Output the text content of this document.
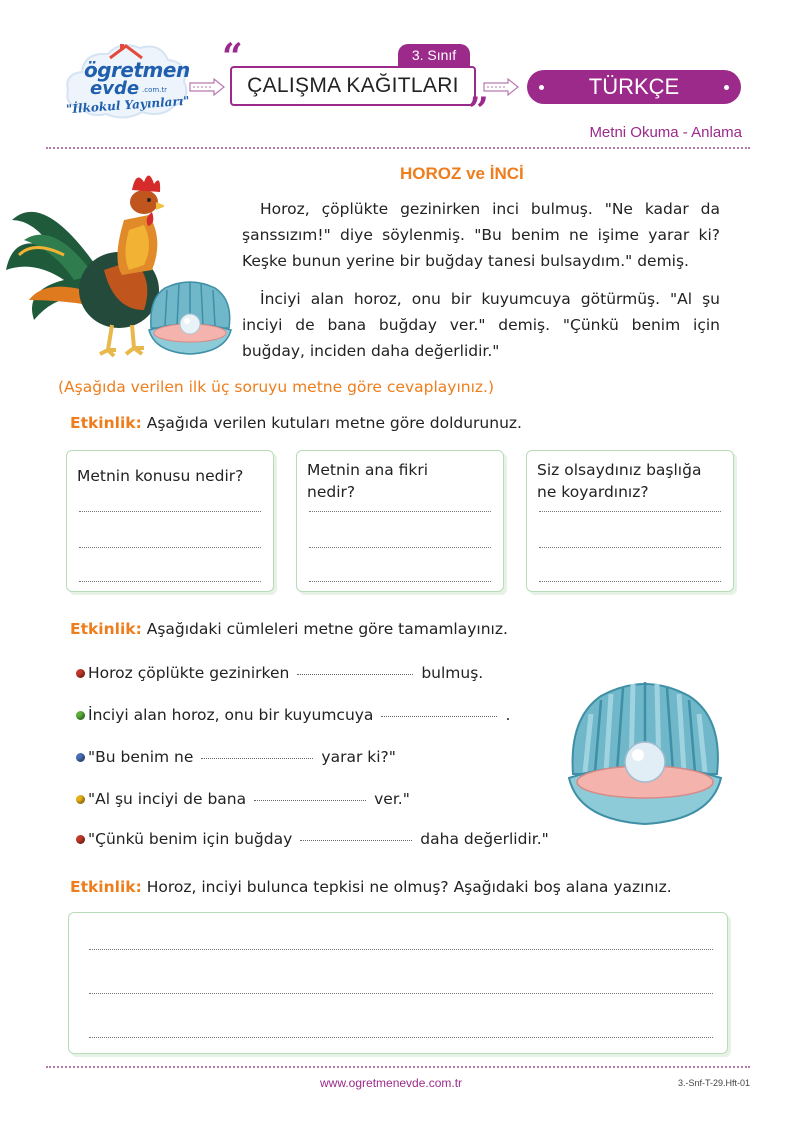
ögretmen
evde .com.tr
"İlkokul Yayınları"
“	3. Sınıf
ÇALIŞMA KAĞITLARI
”
TÜRKÇE
Metni Okuma - Anlama
HOROZ ve İNCİ

Horoz, çöplükte gezinirken inci bulmuş. "Ne kadar da şanssızım!" diye söylenmiş. "Bu benim ne işime yarar ki? Keşke bunun yerine bir buğday tanesi bulsaydım." demiş.

İnciyi alan horoz, onu bir kuyumcuya götürmüş. "Al şu inciyi de bana buğday ver." demiş. "Çünkü benim için buğday, inciden daha değerlidir."

(Aşağıda verilen ilk üç soruyu metne göre cevaplayınız.)
Etkinlik: Aşağıda verilen kutuları metne göre doldurunuz.
Metnin konusu nedir?	Metnin ana fikri nedir?
Siz olsaydınız başlığa ne koyardınız?
Etkinlik: Aşağıdaki cümleleri metne göre tamamlayınız.
Horoz çöplükte gezinirken	bulmuş.
İnciyi alan horoz, onu bir kuyumcuya	.
"Bu benim ne	yarar ki?"
"Al şu inciyi de bana	ver."
"Çünkü benim için buğday	daha değerlidir."
Etkinlik: Horoz, inciyi bulunca tepkisi ne olmuş? Aşağıdaki boş alana yazınız.
www.ogretmenevde.com.tr	3.-Snf-T-29.Hft-01
